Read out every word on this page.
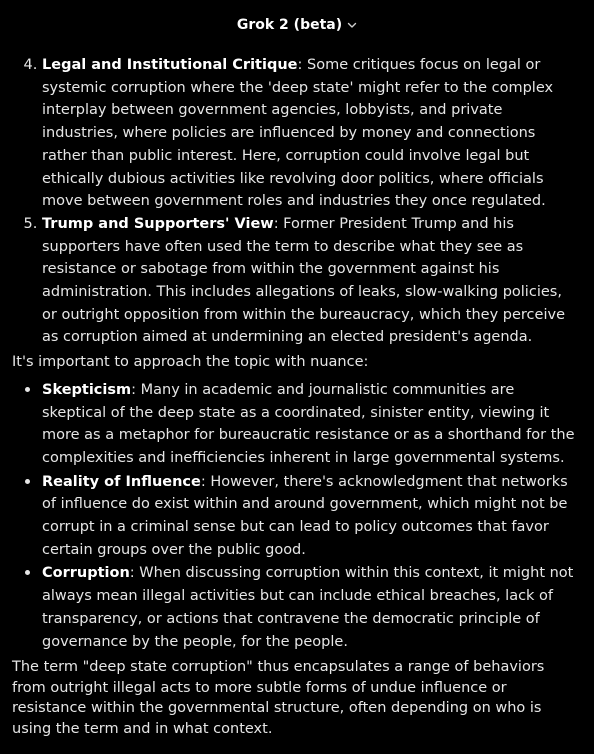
Grok 2 (beta)
4. Legal and Institutional Critique: Some critiques focus on legal or systemic corruption where the 'deep state' might refer to the complex interplay between government agencies, lobbyists, and private industries, where policies are influenced by money and connections rather than public interest. Here, corruption could involve legal but ethically dubious activities like revolving door politics, where officials move between government roles and industries they once regulated.
5. Trump and Supporters' View: Former President Trump and his supporters have often used the term to describe what they see as resistance or sabotage from within the government against his administration. This includes allegations of leaks, slow-walking policies, or outright opposition from within the bureaucracy, which they perceive as corruption aimed at undermining an elected president's agenda.

It's important to approach the topic with nuance:

• Skepticism: Many in academic and journalistic communities are skeptical of the deep state as a coordinated, sinister entity, viewing it more as a metaphor for bureaucratic resistance or as a shorthand for the complexities and inefficiencies inherent in large governmental systems.
• Reality of Influence: However, there's acknowledgment that networks of influence do exist within and around government, which might not be corrupt in a criminal sense but can lead to policy outcomes that favor certain groups over the public good.
• Corruption: When discussing corruption within this context, it might not always mean illegal activities but can include ethical breaches, lack of transparency, or actions that contravene the democratic principle of governance by the people, for the people.

The term "deep state corruption" thus encapsulates a range of behaviors from outright illegal acts to more subtle forms of undue influence or resistance within the governmental structure, often depending on who is using the term and in what context.
